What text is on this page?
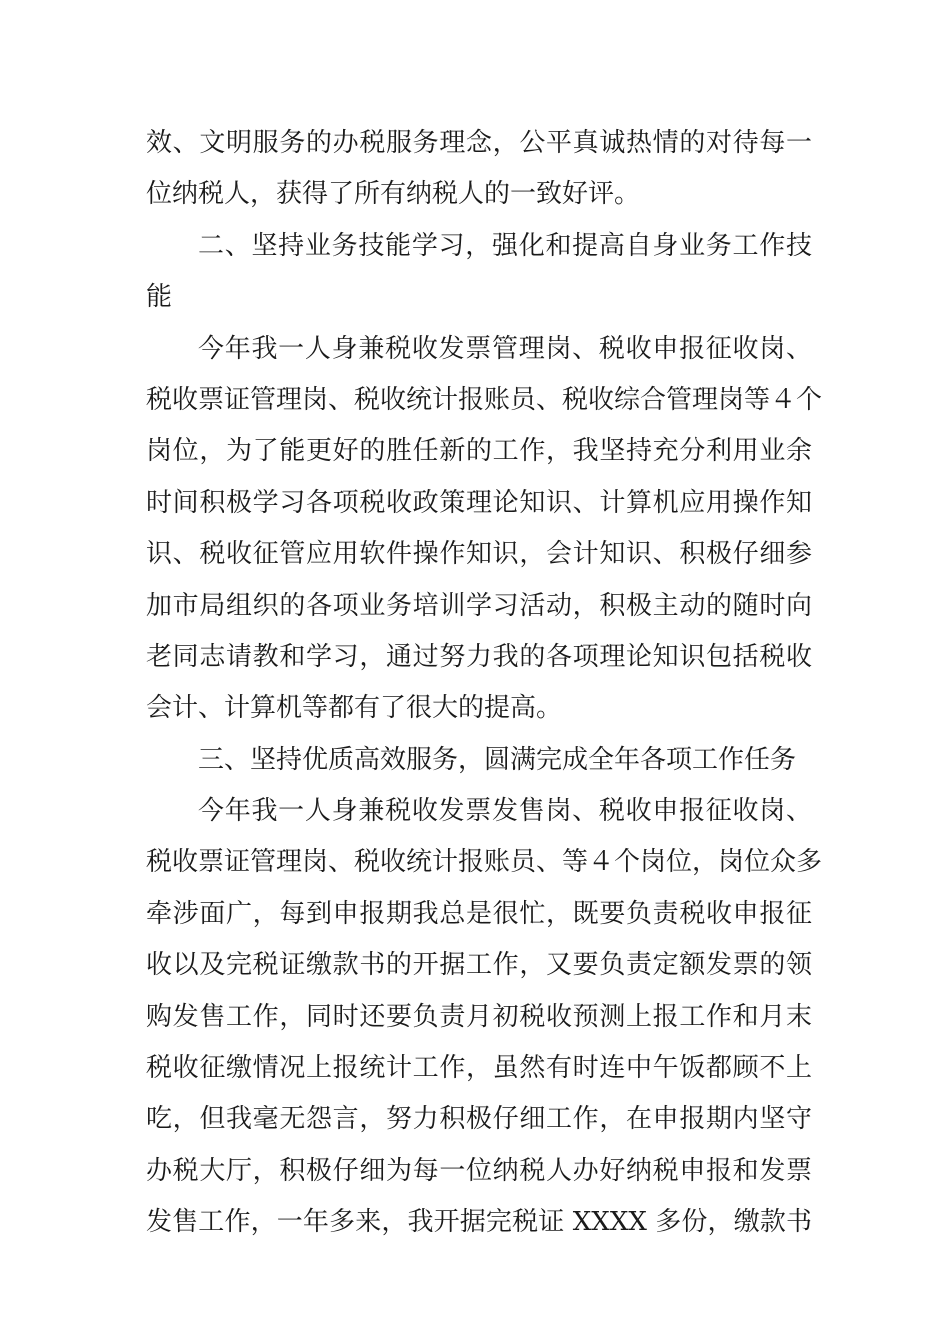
效、文明服务的办税服务理念，公平真诚热情的对待每一
位纳税人，获得了所有纳税人的一致好评。
二、坚持业务技能学习，强化和提高自身业务工作技
能
今年我一人身兼税收发票管理岗、税收申报征收岗、
税收票证管理岗、税收统计报账员、税收综合管理岗等４个
岗位，为了能更好的胜任新的工作，我坚持充分利用业余
时间积极学习各项税收政策理论知识、计算机应用操作知
识、税收征管应用软件操作知识，会计知识、积极仔细参
加市局组织的各项业务培训学习活动，积极主动的随时向
老同志请教和学习，通过努力我的各项理论知识包括税收
会计、计算机等都有了很大的提高。
三、坚持优质高效服务，圆满完成全年各项工作任务
今年我一人身兼税收发票发售岗、税收申报征收岗、
税收票证管理岗、税收统计报账员、等４个岗位，岗位众多
牵涉面广，每到申报期我总是很忙，既要负责税收申报征
收以及完税证缴款书的开据工作，又要负责定额发票的领
购发售工作，同时还要负责月初税收预测上报工作和月末
税收征缴情况上报统计工作，虽然有时连中午饭都顾不上
吃，但我毫无怨言，努力积极仔细工作，在申报期内坚守
办税大厅，积极仔细为每一位纳税人办好纳税申报和发票
发售工作，一年多来，我开据完税证 XXXX 多份，缴款书
